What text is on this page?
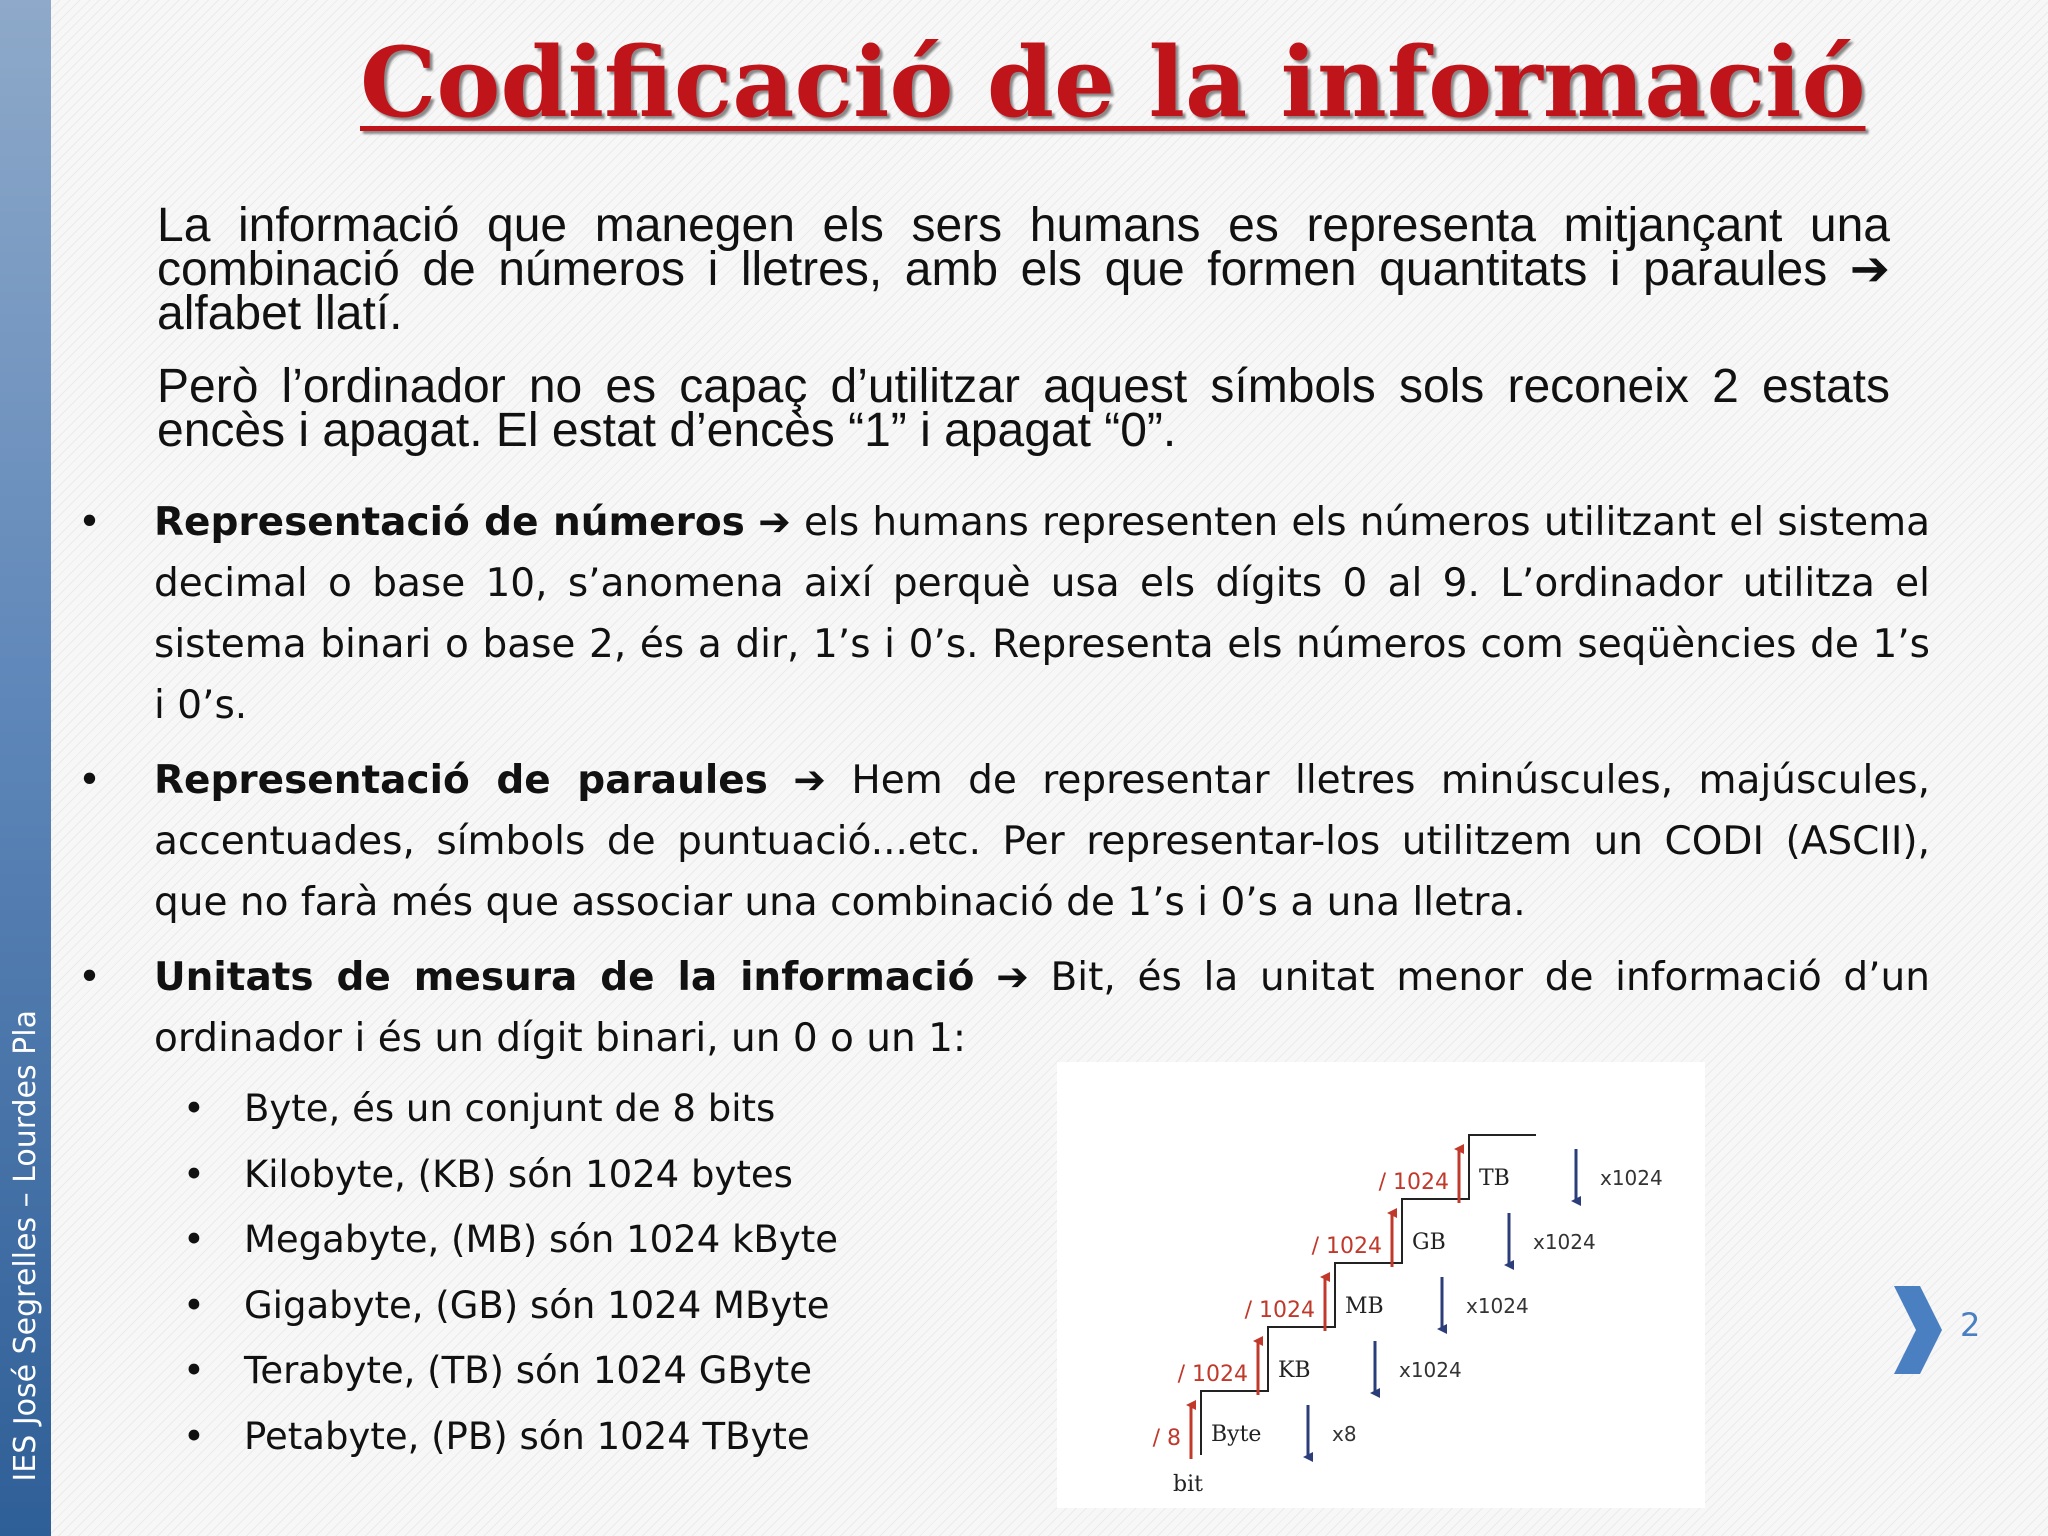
IES José Segrelles – Lourdes Pla
Codificació de la informació
La informació que manegen els sers humans es representa mitjançant una combinació de números i lletres, amb els que formen quantitats i paraules ➔ alfabet llatí.
Però l’ordinador no es capaç d’utilitzar aquest símbols sols reconeix 2 estats encès i apagat. El estat d’encès “1” i apagat “0”.
• Representació de números ➔ els humans representen els números utilitzant el sistema decimal o base 10, s’anomena així perquè usa els dígits 0 al 9. L’ordinador utilitza el sistema binari o base 2, és a dir, 1’s i 0’s. Representa els números com seqüències de 1’s i 0’s.
• Representació de paraules ➔ Hem de representar lletres minúscules, majúscules, accentuades, símbols de puntuació...etc. Per representar-los utilitzem un CODI (ASCII), que no farà més que associar una combinació de 1’s i 0’s a una lletra.
• Unitats de mesura de la informació ➔ Bit, és la unitat menor de informació d’un ordinador i és un dígit binari, un 0 o un 1:
• Byte, és un conjunt de 8 bits
• Kilobyte, (KB) són 1024 bytes
• Megabyte, (MB) són 1024 kByte
• Gigabyte, (GB) són 1024 MByte
• Terabyte, (TB) són 1024 GByte
• Petabyte, (PB) són 1024 TByte
bit
Byte
/ 8	x8
KB
/ 1024	x1024
MB
/ 1024	x1024
GB
/ 1024	x1024
TB
/ 1024	x1024
2
